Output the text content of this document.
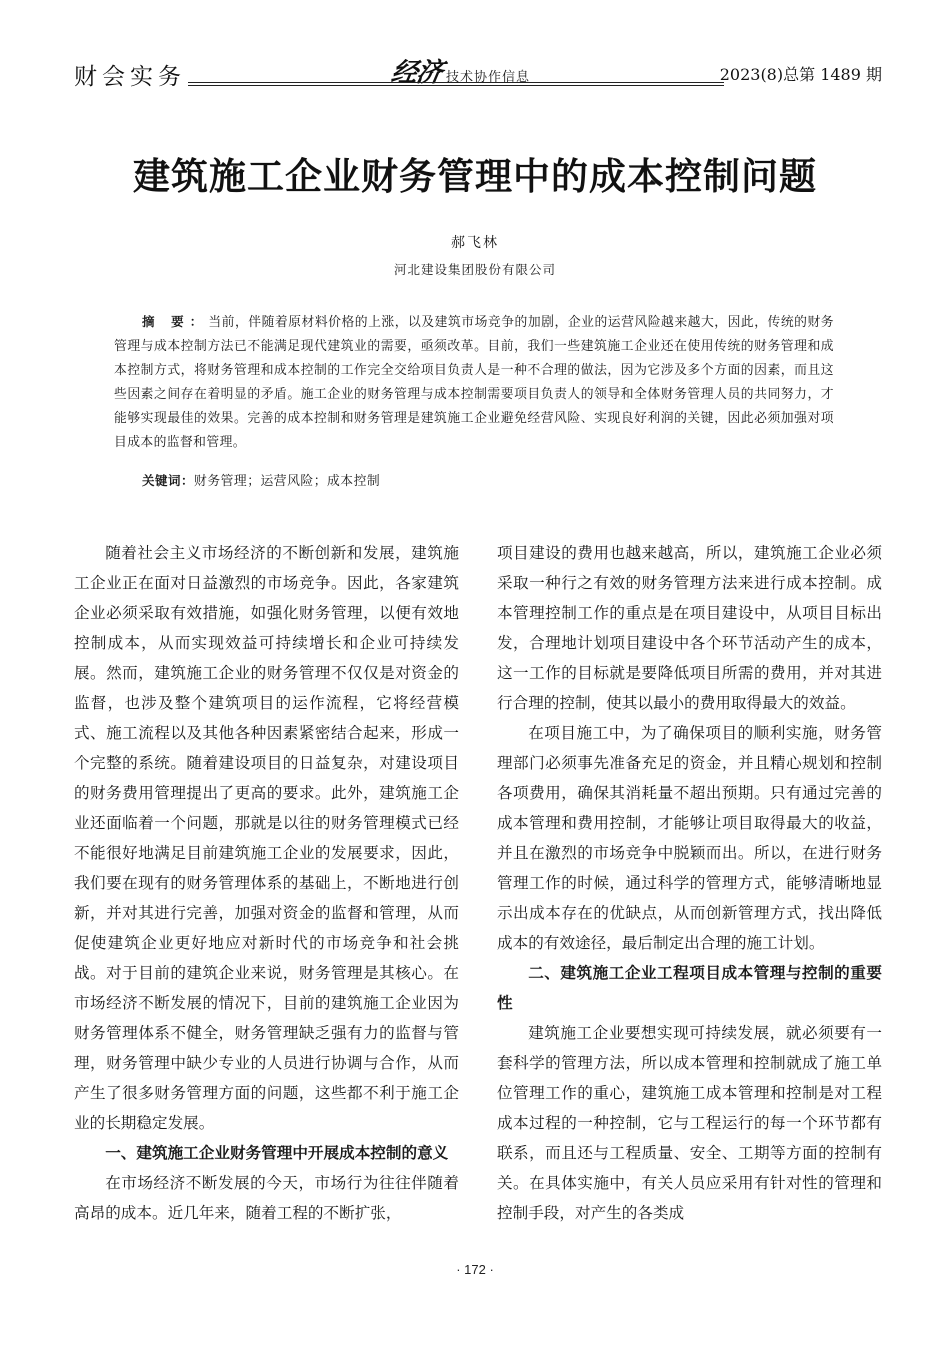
财会实务	经济 技术协作信息	2023(8)总第 1489 期
建筑施工企业财务管理中的成本控制问题
郝飞林
河北建设集团股份有限公司
摘 要：当前，伴随着原材料价格的上涨，以及建筑市场竞争的加剧，企业的运营风险越来越大，因此，传统的财务管理与成本控制方法已不能满足现代建筑业的需要，亟须改革。目前，我们一些建筑施工企业还在使用传统的财务管理和成本控制方式，将财务管理和成本控制的工作完全交给项目负责人是一种不合理的做法，因为它涉及多个方面的因素，而且这些因素之间存在着明显的矛盾。施工企业的财务管理与成本控制需要项目负责人的领导和全体财务管理人员的共同努力，才能够实现最佳的效果。完善的成本控制和财务管理是建筑施工企业避免经营风险、实现良好利润的关键，因此必须加强对项目成本的监督和管理。
关键词：财务管理；运营风险；成本控制

随着社会主义市场经济的不断创新和发展，建筑施工企业正在面对日益激烈的市场竞争。因此，各家建筑企业必须采取有效措施，如强化财务管理，以便有效地控制成本，从而实现效益可持续增长和企业可持续发展。然而，建筑施工企业的财务管理不仅仅是对资金的监督，也涉及整个建筑项目的运作流程，它将经营模式、施工流程以及其他各种因素紧密结合起来，形成一个完整的系统。随着建设项目的日益复杂，对建设项目的财务费用管理提出了更高的要求。此外，建筑施工企业还面临着一个问题，那就是以往的财务管理模式已经不能很好地满足目前建筑施工企业的发展要求，因此，我们要在现有的财务管理体系的基础上，不断地进行创新，并对其进行完善，加强对资金的监督和管理，从而促使建筑企业更好地应对新时代的市场竞争和社会挑战。对于目前的建筑企业来说，财务管理是其核心。在市场经济不断发展的情况下，目前的建筑施工企业因为财务管理体系不健全，财务管理缺乏强有力的监督与管理，财务管理中缺少专业的人员进行协调与合作，从而产生了很多财务管理方面的问题，这些都不利于施工企业的长期稳定发展。

一、建筑施工企业财务管理中开展成本控制的意义

在市场经济不断发展的今天，市场行为往往伴随着高昂的成本。近几年来，随着工程的不断扩张，

项目建设的费用也越来越高，所以，建筑施工企业必须采取一种行之有效的财务管理方法来进行成本控制。成本管理控制工作的重点是在项目建设中，从项目目标出发，合理地计划项目建设中各个环节活动产生的成本，这一工作的目标就是要降低项目所需的费用，并对其进行合理的控制，使其以最小的费用取得最大的效益。

在项目施工中，为了确保项目的顺利实施，财务管理部门必须事先准备充足的资金，并且精心规划和控制各项费用，确保其消耗量不超出预期。只有通过完善的成本管理和费用控制，才能够让项目取得最大的收益，并且在激烈的市场竞争中脱颖而出。所以，在进行财务管理工作的时候，通过科学的管理方式，能够清晰地显示出成本存在的优缺点，从而创新管理方式，找出降低成本的有效途径，最后制定出合理的施工计划。

二、建筑施工企业工程项目成本管理与控制的重要性

建筑施工企业要想实现可持续发展，就必须要有一套科学的管理方法，所以成本管理和控制就成了施工单位管理工作的重心，建筑施工成本管理和控制是对工程成本过程的一种控制，它与工程运行的每一个环节都有联系，而且还与工程质量、安全、工期等方面的控制有关。在具体实施中，有关人员应采用有针对性的管理和控制手段，对产生的各类成

· 172 ·
